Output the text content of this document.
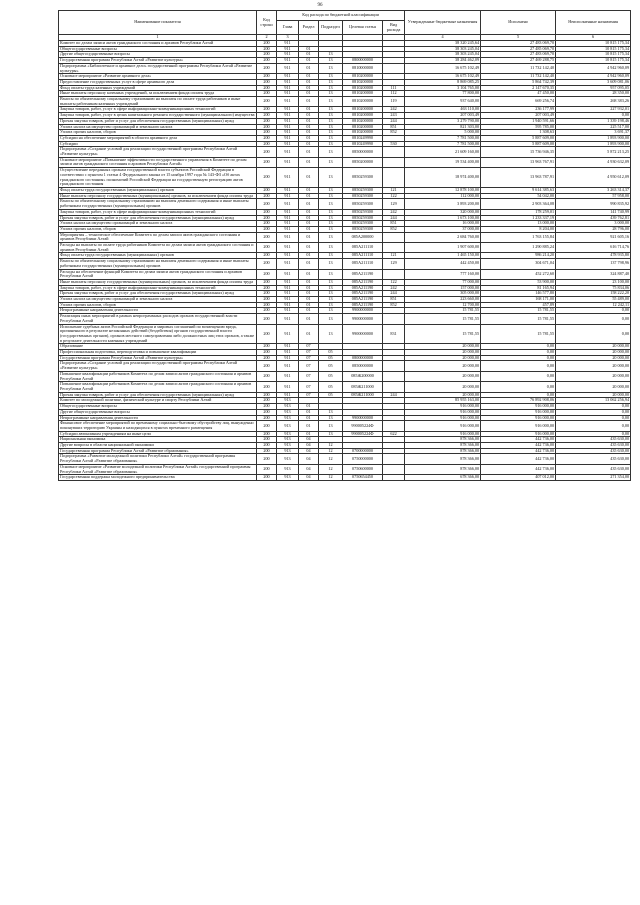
96
Наименование показателя	Код строки	Код расхода по бюджетной классификации					Утвержденные бюджетные назначения	Исполнено	Неисполненные назначения
		Глава	Раздел	Подраздел	Целевая статья	Вид расхода			
1	2	3					4	5	6
Комитет по делам записи актов гражданского состояния и архивов Республики Алтай	200	911					38 320 245,64	27 483 069,70	10 815 175,34
Общегосударственные вопросы	200	911	01				38 303 245,04	27 485 069,70	10 815 175,34
Другие общегосударственные вопросы	200	911	01	13			38 303 245,04	27 483 069,70	10 815 175,34
Государственная программа Республики Алтай «Развитие культуры»	200	911	01	13	0800000000		38 284 462,09	27 469 288,75	10 815 175,34
Подпрограмма «Библиотечное и архивное дело» государственной программы Республики Алтай «Развитие культуры»	200	911	01	13	0810000000		16 675 102,49	11 732 142,40	4 942 960,09
Основное мероприятие «Развитие архивного дела»	200	911	01	13	0810200000		16 675 102,49	11 732 142,40	4 942 960,09
Предоставление государственных услуг в сфере архивного дела	200	911	01	13	0810200000		8 869 085,25	5 864 742,39	3 609 081,06
Фонд оплаты труда казенных учреждений	200	911	01	13	0810200000	111	3 104 765,00	2 147 670,35	957 095,05
Иные выплаты персоналу казенных учреждений, за исключением фонда оплаты труда	200	911	01	13	0810200000	112	77 800,00	47 450,00	28 350,00
Взносы по обязательному социальному страхованию на выплаты по оплате труда работников и иные выплаты работникам казенных учреждений	200	911	01	13	0810200000	119	937 640,00	669 256,74	268 383,26
Закупка товаров, работ, услуг в сфере информационно-коммуникационных технологий	200	911	01	13	0810200000	242	463 110,00	236 177,99	227 932,01
Закупка товаров, работ, услуг в целях капитального ремонта государственного (муниципального) имущества	200	911	01	13	0810200000	243	207 003,49	207 003,49	0,00
Прочая закупка товаров, работ и услуг для обеспечения государственных (муниципальных) нужд	200	911	01	13	0810200000	244	3 279 790,00	1 940 591,66	1 339 198,46
Уплата налога на имущество организаций и земельного налога	200	911	01	13	0810200000	851	821 303,00	595 785,00	225 517,00
Уплата прочих налогов, сборов	200	911	01	13	0810200000	852	5 000,00	1 308,63	3 691,37
Субсидии на обеспечение мероприятий в области архивного дела	200	911	01	13	0810249990		7 781 500,00	5 887 609,00	1 893 900,00
Субсидии	200	911	01	13	0810249990	530	7 781 500,00	5 887 609,00	1 893 900,00
Подпрограмма «Создание условий для реализации государственной программы Республики Алтай «Развитие культуры»	200	911	01	13	0850000000		21 609 160,00	15 736 946,35	5 872 213,25
Основное мероприятие «Повышение эффективности государственного управления в Комитете по делам записи актов гражданского состояния и архивов Республики Алтай»	200	911	01	13	0850200000		19 534 400,00	13 963 767,91	4 930 632,09
Осуществление переданных органам государственной власти субъектов Российской Федерации в соответствии с пунктом 1 статьи 4 Федерального закона от 15 ноября 1997 года № 143-ФЗ «Об актах гражданского состояния» полномочий Российской Федерации на государственную регистрацию актов гражданского состояния	200	911	01	13	0850259300		18 974 400,00	13 963 787,91	4 950 612,09
Фонд оплаты труда государственных (муниципальных) органов	200	911	01	13	0850259300	121	12 878 100,00	9 614 385,63	3 263 314,37
Иные выплаты персоналу государственных (муниципальных) органов, за исключением фонда оплаты труда	200	911	01	13	0850259300	122	112 000,00	54 042,00	57 958,00
Взносы по обязательному социальному страхованию на выплаты денежного содержания и иные выплаты работникам государственных (муниципальных) органов	200	911	01	13	0850259300	129	3 893 200,00	2 903 364,08	990 835,92
Закупка товаров, работ, услуг в сфере информационно-коммуникационных технологий	200	911	01	13	0850259300	242	320 000,00	178 259,01	141 740,99
Прочая закупка товаров, работ и услуг для обеспечения государственных (муниципальных) нужд	200	911	01	13	0850259300	244	1 673 100,00	1 233 337,19	439 762,81
Уплата налога на имущество организаций и земельного налога	200	911	01	13	0850259300	851	16 000,00	13 000,00	3 000,00
Уплата прочих налогов, сборов	200	911	01	13	0850259300	852	37 000,00	8 204,00	28 796,00
Мероприятия – техническое обеспечение Комитета по делам записи актов гражданского состояния и архивов Республики Алтай	200	911	01	13	085A200000		2 684 760,00	1 763 155,84	921 605,16
Расходы на выплаты по оплате труда работников Комитета по делам записи актов гражданского состояния и архивов Республики Алтай	200	911	01	13	085A211110		1 907 600,00	1 290 885,24	616 714,76
Фонд оплаты труда государственных (муниципальных) органов	200	911	01	13	085A211110	121	1 465 150,00	986 214,20	478 935,80
Взносы по обязательному социальному страхованию на выплаты денежного содержания и иные выплаты работникам государственных (муниципальных) органов	200	911	01	13	085A211110	129	442 450,00	304 671,04	137 798,96
Расходы на обеспечение функций Комитета по делам записи актов гражданского состояния и архивов Республики Алтай	200	911	01	13	085A211190		777 160,00	452 272,60	324 887,40
Иные выплаты персоналу государственных (муниципальных) органов, за исключением фонда оплаты труда	200	911	01	13	085A211190	122	77 000,00	53 900,00	23 100,00
Закупка товаров, работ, услуг в сфере информационно-коммуникационных технологий	200	911	01	13	085A211190	242	157 000,00	81 165,94	75 834,06
Прочая закупка товаров, работ и услуг для обеспечения государственных (муниципальных) нужд	200	911	01	13	085A211190	244	305 000,00	146 577,80	158 222,20
Уплата налога на имущество организаций и земельного налога	200	911	01	13	085A211190	851	223 660,00	168 171,00	55 489,00
Уплата прочих налогов, сборов	200	911	01	13	085A211190	852	12 700,00	457,89	12 242,11
Непрограммные направления деятельности	200	911	01	13	9900000000		15 781,55	15 781,55	0,00
Реализация иных мероприятий в рамках непрограммных расходов органов государственной власти Республики Алтай	200	911	01	13	9900000000		15 781,55	15 781,55	0,00
Исполнение судебных актов Российской Федерации и мировых соглашений по возмещению вреда, причиненного в результате незаконных действий (бездействия) органов государственной власти (государственных органов), органов местного самоуправления либо должностных лиц этих органов, а также в результате деятельности казенных учреждений	200	911	01	13	9900000000	831	15 781,55	15 781,55	0,00
Образование	200	911	07				20 000,00	0,00	20 000,00
Профессиональная подготовка, переподготовка и повышение квалификации	200	911	07	05			20 000,00	0,00	20 000,00
Государственная программа Республики Алтай «Развитие культуры»	200	911	07	05	0800000000		20 000,00	0,00	20 000,00
Подпрограмма «Создание условий для реализации государственной программы Республики Алтай «Развитие культуры»	200	911	07	05	0850000000		20 000,00	0,00	20 000,00
Повышение квалификации работников Комитета по делам записи актов гражданского состояния и архивов Республики Алтай	200	911	07	05	085Ж200000		20 000,00	0,00	20 000,00
Повышение квалификации работников Комитета по делам записи актов гражданского состояния и архивов Республики Алтай	200	911	07	05	085Ж211000		20 000,00	0,00	20 000,00
Прочая закупка товаров, работ и услуг для обеспечения государственных (муниципальных) нужд	200	911	07	05	085Ж211000	244	20 000,00	0,00	20 000,00
Комитет по молодежной политике, физической культуре и спорту Республики Алтай	200	913					85 955 163,00	76 892 908,06	13 062 256,94
Общегосударственные вопросы	200	913	01				916 000,00	916 000,00	0,00
Другие общегосударственные вопросы	200	913	01	13			916 000,00	916 000,00	0,00
Непрограммные направления деятельности	200	913	01	13	9900000000		916 000,00	916 000,00	0,00
Финансовое обеспечение мероприятий по временному социально-бытовому обустройству лиц, вынужденно покинувших территорию Украины и находящихся в пунктах временного размещения	200	913	01	13	990005224Ф		916 000,00	916 000,00	0,00
Субсидии автономным учреждениям на иные цели	200	913	01	13	990005224Ф	622	916 000,00	916 000,00	0,00
Национальная экономика	200	913	04				878 366,00	442 736,00	435 630,00
Другие вопросы в области национальной экономики	200	913	04	12			878 366,00	442 736,00	435 630,00
Государственная программа Республики Алтай «Развитие образования»	200	913	04	12	0700000000		878 366,00	442 736,00	435 630,00
Подпрограмма «Развитие молодежной политики Республики Алтай» государственной программы Республики Алтай «Развитие образования»	200	913	04	12	0750000000		878 366,00	442 736,00	435 630,00
Основное мероприятие «Развитие молодежной политики Республики Алтай» государственной программы Республики Алтай «Развитие образования»	200	913	04	12	0750600000		878 366,00	442 736,00	435 630,00
Государственная поддержка молодежного предпринимательства	200	913	04	12	0750654450		678 366,00	407 012,00	271 354,00
